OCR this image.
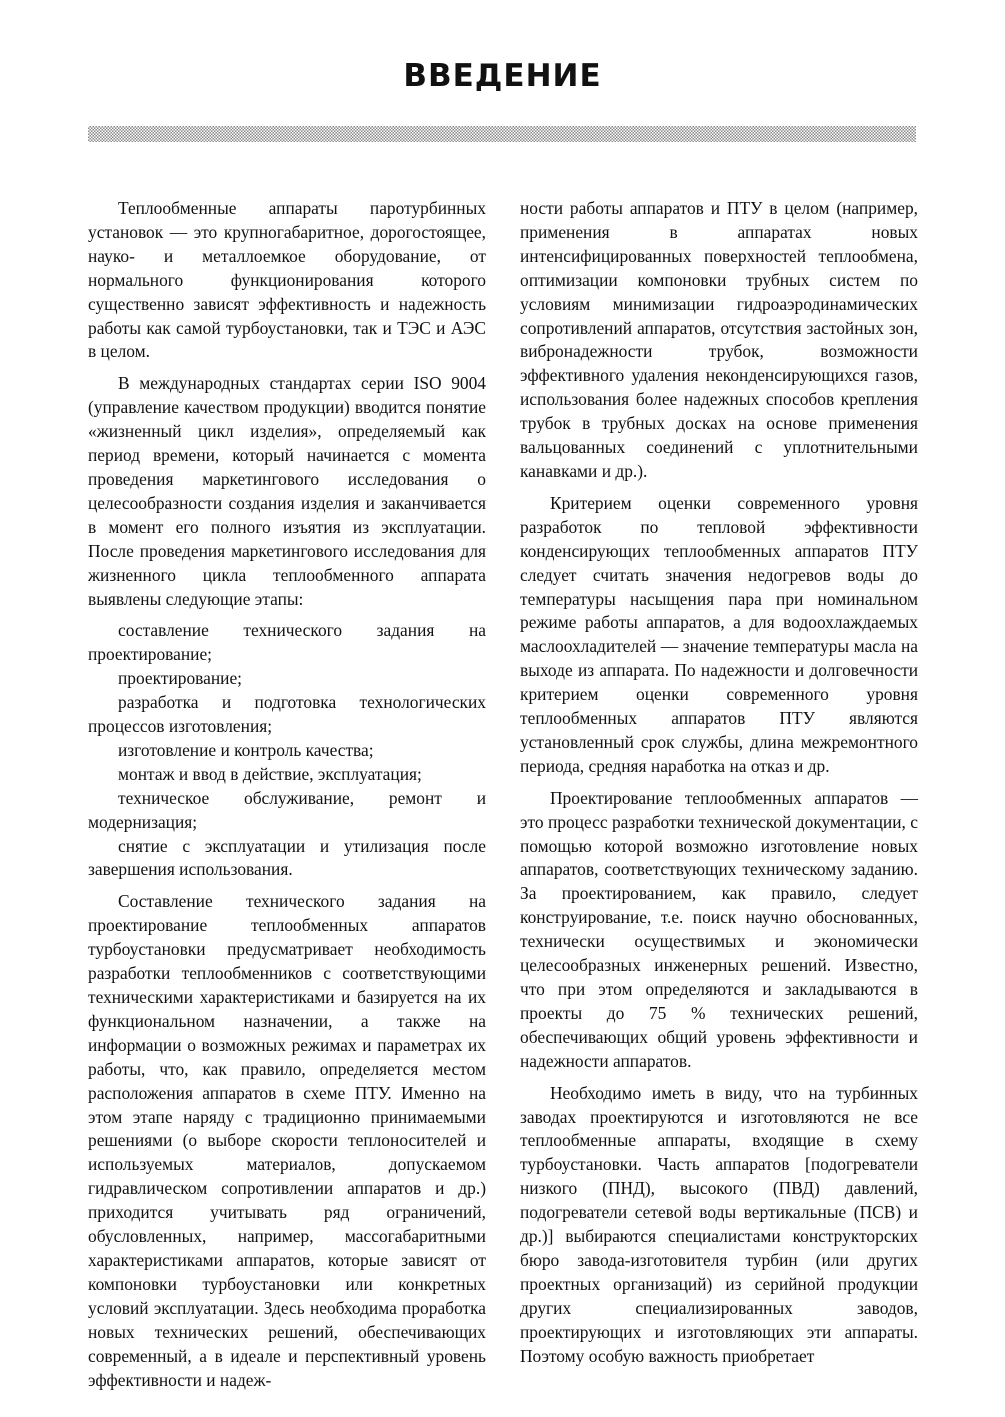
ВВЕДЕНИЕ

Теплообменные аппараты паротурбинных установок — это крупногабаритное, дорогостоящее, науко- и металлоемкое оборудование, от нормального функционирования которого существенно зависят эффективность и надежность работы как самой турбоустановки, так и ТЭС и АЭС в целом.

В международных стандартах серии ISO 9004 (управление качеством продукции) вводится понятие «жизненный цикл изделия», определяемый как период времени, который начинается с момента проведения маркетингового исследования о целесообразности создания изделия и заканчивается в момент его полного изъятия из эксплуатации. После проведения маркетингового исследования для жизненного цикла теплообменного аппарата выявлены следующие этапы:

составление технического задания на проектирование;

проектирование;

разработка и подготовка технологических процессов изготовления;

изготовление и контроль качества;

монтаж и ввод в действие, эксплуатация;

техническое обслуживание, ремонт и модернизация;

снятие с эксплуатации и утилизация после завершения использования.

Составление технического задания на проектирование теплообменных аппаратов турбоустановки предусматривает необходимость разработки теплообменников с соответствующими техническими характеристиками и базируется на их функциональном назначении, а также на информации о возможных режимах и параметрах их работы, что, как правило, определяется местом расположения аппаратов в схеме ПТУ. Именно на этом этапе наряду с традиционно принимаемыми решениями (о выборе скорости теплоносителей и используемых материалов, допускаемом гидравлическом сопротивлении аппаратов и др.) приходится учитывать ряд ограничений, обусловленных, например, массогабаритными характеристиками аппаратов, которые зависят от компоновки турбоустановки или конкретных условий эксплуатации. Здесь необходима проработка новых технических решений, обеспечивающих современный, а в идеале и перспективный уровень эффективности и надеж-

ности работы аппаратов и ПТУ в целом (например, применения в аппаратах новых интенсифицированных поверхностей теплообмена, оптимизации компоновки трубных систем по условиям минимизации гидроаэродинамических сопротивлений аппаратов, отсутствия застойных зон, вибронадежности трубок, возможности эффективного удаления неконденсирующихся газов, использования более надежных способов крепления трубок в трубных досках на основе применения вальцованных соединений с уплотнительными канавками и др.).

Критерием оценки современного уровня разработок по тепловой эффективности конденсирующих теплообменных аппаратов ПТУ следует считать значения недогревов воды до температуры насыщения пара при номинальном режиме работы аппаратов, а для водоохлаждаемых маслоохладителей — значение температуры масла на выходе из аппарата. По надежности и долговечности критерием оценки современного уровня теплообменных аппаратов ПТУ являются установленный срок службы, длина межремонтного периода, средняя наработка на отказ и др.

Проектирование теплообменных аппаратов — это процесс разработки технической документации, с помощью которой возможно изготовление новых аппаратов, соответствующих техническому заданию. За проектированием, как правило, следует конструирование, т.е. поиск научно обоснованных, технически осуществимых и экономически целесообразных инженерных решений. Известно, что при этом определяются и закладываются в проекты до 75 % технических решений, обеспечивающих общий уровень эффективности и надежности аппаратов.

Необходимо иметь в виду, что на турбинных заводах проектируются и изготовляются не все теплообменные аппараты, входящие в схему турбоустановки. Часть аппаратов [подогреватели низкого (ПНД), высокого (ПВД) давлений, подогреватели сетевой воды вертикальные (ПСВ) и др.)] выбираются специалистами конструкторских бюро завода-изготовителя турбин (или других проектных организаций) из серийной продукции других специализированных заводов, проектирующих и изготовляющих эти аппараты. Поэтому особую важность приобретает
